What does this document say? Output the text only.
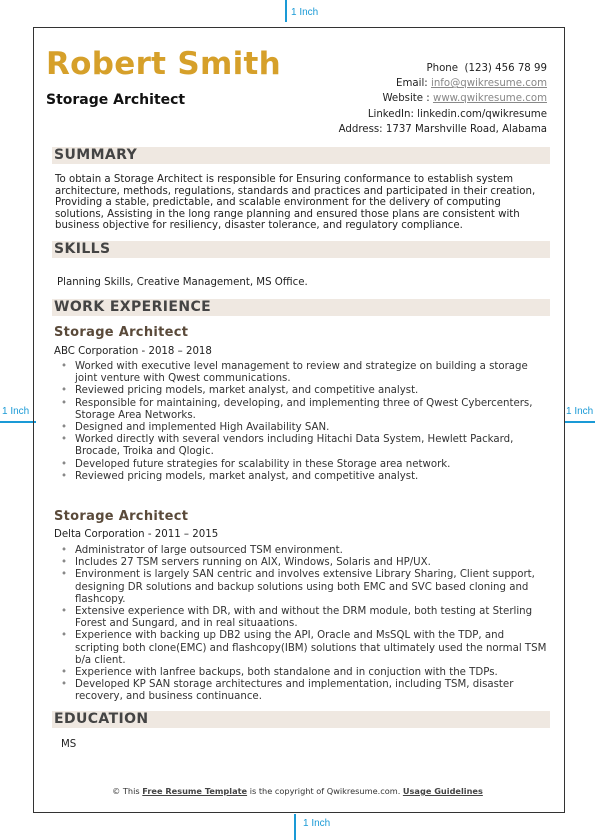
1 Inch
1 Inch
1 Inch	1 Inch
Robert Smith
Storage Architect
Phone (123) 456 78 99
Email: info@qwikresume.com
Website : www.qwikresume.com
LinkedIn: linkedin.com/qwikresume
Address: 1737 Marshville Road, Alabama
SUMMARY
To obtain a Storage Architect is responsible for Ensuring conformance to establish system architecture, methods, regulations, standards and practices and participated in their creation, Providing a stable, predictable, and scalable environment for the delivery of computing solutions, Assisting in the long range planning and ensured those plans are consistent with business objective for resiliency, disaster tolerance, and regulatory compliance.
SKILLS
Planning Skills, Creative Management, MS Office.
WORK EXPERIENCE
Storage Architect
ABC Corporation - 2018 – 2018
• Worked with executive level management to review and strategize on building a storage joint venture with Qwest communications.
• Reviewed pricing models, market analyst, and competitive analyst.
• Responsible for maintaining, developing, and implementing three of Qwest Cybercenters, Storage Area Networks.
• Designed and implemented High Availability SAN.
• Worked directly with several vendors including Hitachi Data System, Hewlett Packard, Brocade, Troika and Qlogic.
• Developed future strategies for scalability in these Storage area network.
• Reviewed pricing models, market analyst, and competitive analyst.
Storage Architect
Delta Corporation - 2011 – 2015
• Administrator of large outsourced TSM environment.
• Includes 27 TSM servers running on AIX, Windows, Solaris and HP/UX.
• Environment is largely SAN centric and involves extensive Library Sharing, Client support, designing DR solutions and backup solutions using both EMC and SVC based cloning and flashcopy.
• Extensive experience with DR, with and without the DRM module, both testing at Sterling Forest and Sungard, and in real situaations.
• Experience with backing up DB2 using the API, Oracle and MsSQL with the TDP, and scripting both clone(EMC) and flashcopy(IBM) solutions that ultimately used the normal TSM b/a client.
• Experience with lanfree backups, both standalone and in conjuction with the TDPs.
• Developed KP SAN storage architectures and implementation, including TSM, disaster recovery, and business continuance.
EDUCATION
MS
© This Free Resume Template is the copyright of Qwikresume.com. Usage Guidelines
